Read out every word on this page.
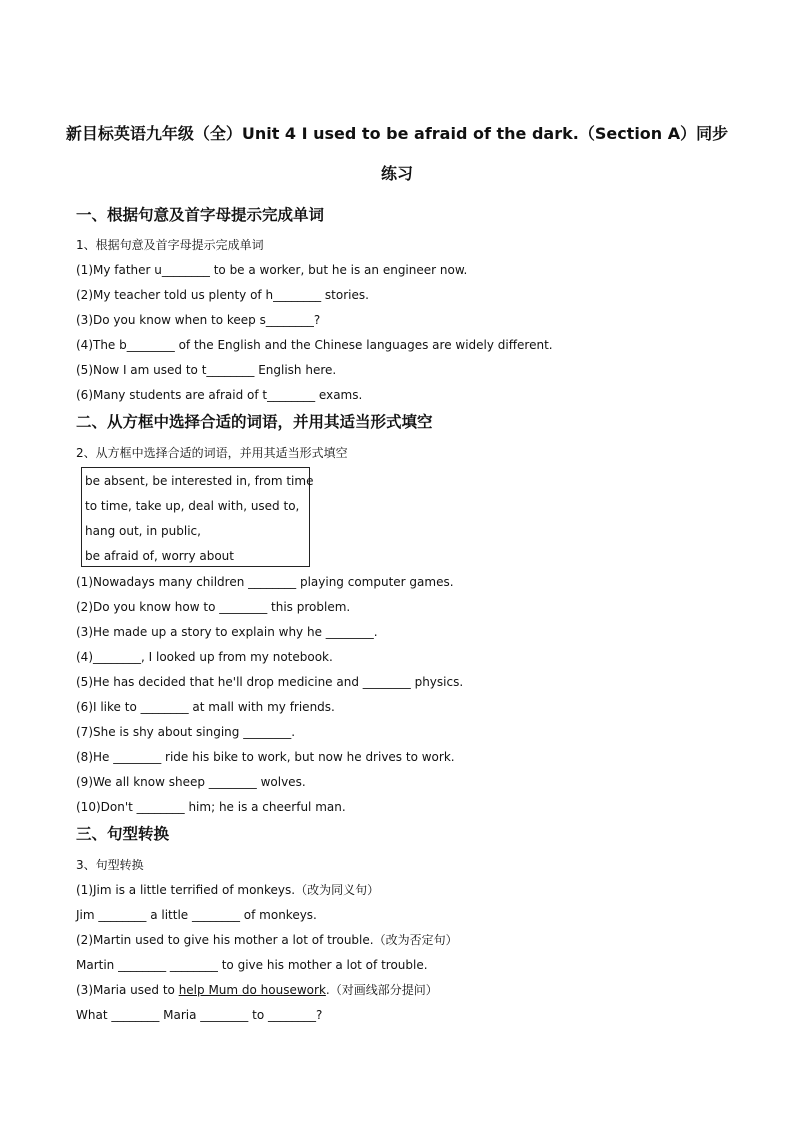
新目标英语九年级（全）Unit 4 I used to be afraid of the dark.（Section A）同步
练习
一、根据句意及首字母提示完成单词
1、根据句意及首字母提示完成单词
(1)My father u________ to be a worker, but he is an engineer now.
(2)My teacher told us plenty of h________ stories.
(3)Do you know when to keep s________?
(4)The b________ of the English and the Chinese languages are widely different.
(5)Now I am used to t________ English here.
(6)Many students are afraid of t________ exams.
二、从方框中选择合适的词语，并用其适当形式填空
2、从方框中选择合适的词语，并用其适当形式填空
be absent, be interested in, from time
to time, take up, deal with, used to,
hang out, in public,
be afraid of, worry about
(1)Nowadays many children ________ playing computer games.
(2)Do you know how to ________ this problem.
(3)He made up a story to explain why he ________.
(4)________, I looked up from my notebook.
(5)He has decided that he'll drop medicine and ________ physics.
(6)I like to ________ at mall with my friends.
(7)She is shy about singing ________.
(8)He ________ ride his bike to work, but now he drives to work.
(9)We all know sheep ________ wolves.
(10)Don't ________ him; he is a cheerful man.
三、句型转换
3、句型转换
(1)Jim is a little terrified of monkeys.（改为同义句）
Jim ________ a little ________ of monkeys.
(2)Martin used to give his mother a lot of trouble.（改为否定句）
Martin ________ ________ to give his mother a lot of trouble.
(3)Maria used to help Mum do housework.（对画线部分提问）
What ________ Maria ________ to ________?
